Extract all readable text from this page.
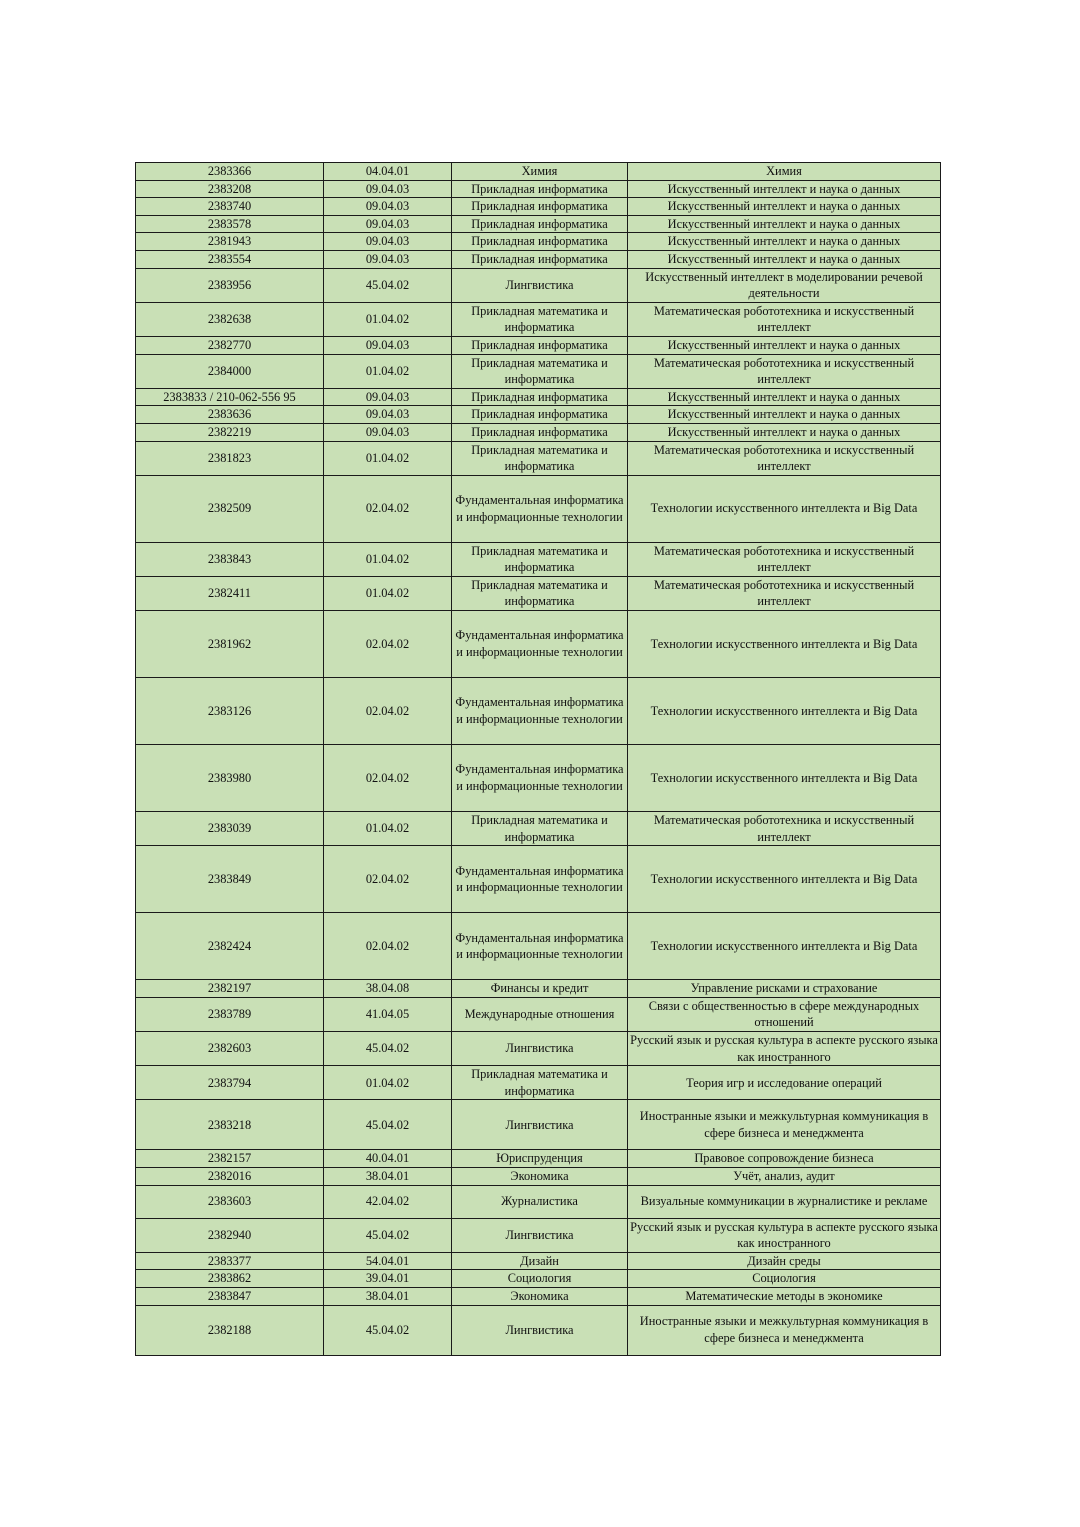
2383366	04.04.01	Химия	Химия
2383208	09.04.03	Прикладная информатика	Искусственный интеллект и наука о данных
2383740	09.04.03	Прикладная информатика	Искусственный интеллект и наука о данных
2383578	09.04.03	Прикладная информатика	Искусственный интеллект и наука о данных
2381943	09.04.03	Прикладная информатика	Искусственный интеллект и наука о данных
2383554	09.04.03	Прикладная информатика	Искусственный интеллект и наука о данных
2383956	45.04.02	Лингвистика	Искусственный интеллект в моделировании речевой деятельности
2382638	01.04.02	Прикладная математика и информатика	Математическая робототехника и искусственный интеллект
2382770	09.04.03	Прикладная информатика	Искусственный интеллект и наука о данных
2384000	01.04.02	Прикладная математика и информатика	Математическая робототехника и искусственный интеллект
2383833 / 210-062-556 95	09.04.03	Прикладная информатика	Искусственный интеллект и наука о данных
2383636	09.04.03	Прикладная информатика	Искусственный интеллект и наука о данных
2382219	09.04.03	Прикладная информатика	Искусственный интеллект и наука о данных
2381823	01.04.02	Прикладная математика и информатика	Математическая робототехника и искусственный интеллект
2382509	02.04.02	Фундаментальная информатика и информационные технологии	Технологии искусственного интеллекта и Big Data
2383843	01.04.02	Прикладная математика и информатика	Математическая робототехника и искусственный интеллект
2382411	01.04.02	Прикладная математика и информатика	Математическая робототехника и искусственный интеллект
2381962	02.04.02	Фундаментальная информатика и информационные технологии	Технологии искусственного интеллекта и Big Data
2383126	02.04.02	Фундаментальная информатика и информационные технологии	Технологии искусственного интеллекта и Big Data
2383980	02.04.02	Фундаментальная информатика и информационные технологии	Технологии искусственного интеллекта и Big Data
2383039	01.04.02	Прикладная математика и информатика	Математическая робототехника и искусственный интеллект
2383849	02.04.02	Фундаментальная информатика и информационные технологии	Технологии искусственного интеллекта и Big Data
2382424	02.04.02	Фундаментальная информатика и информационные технологии	Технологии искусственного интеллекта и Big Data
2382197	38.04.08	Финансы и кредит	Управление рисками и страхование
2383789	41.04.05	Международные отношения	Связи с общественностью в сфере международных отношений
2382603	45.04.02	Лингвистика	Русский язык и русская культура в аспекте русского языка как иностранного
2383794	01.04.02	Прикладная математика и информатика	Теория игр и исследование операций
2383218	45.04.02	Лингвистика	Иностранные языки и межкультурная коммуникация в сфере бизнеса и менеджмента
2382157	40.04.01	Юриспруденция	Правовое сопровождение бизнеса
2382016	38.04.01	Экономика	Учёт, анализ, аудит
2383603	42.04.02	Журналистика	Визуальные коммуникации в журналистике и рекламе
2382940	45.04.02	Лингвистика	Русский язык и русская культура в аспекте русского языка как иностранного
2383377	54.04.01	Дизайн	Дизайн среды
2383862	39.04.01	Социология	Социология
2383847	38.04.01	Экономика	Математические методы в экономике
2382188	45.04.02	Лингвистика	Иностранные языки и межкультурная коммуникация в сфере бизнеса и менеджмента
